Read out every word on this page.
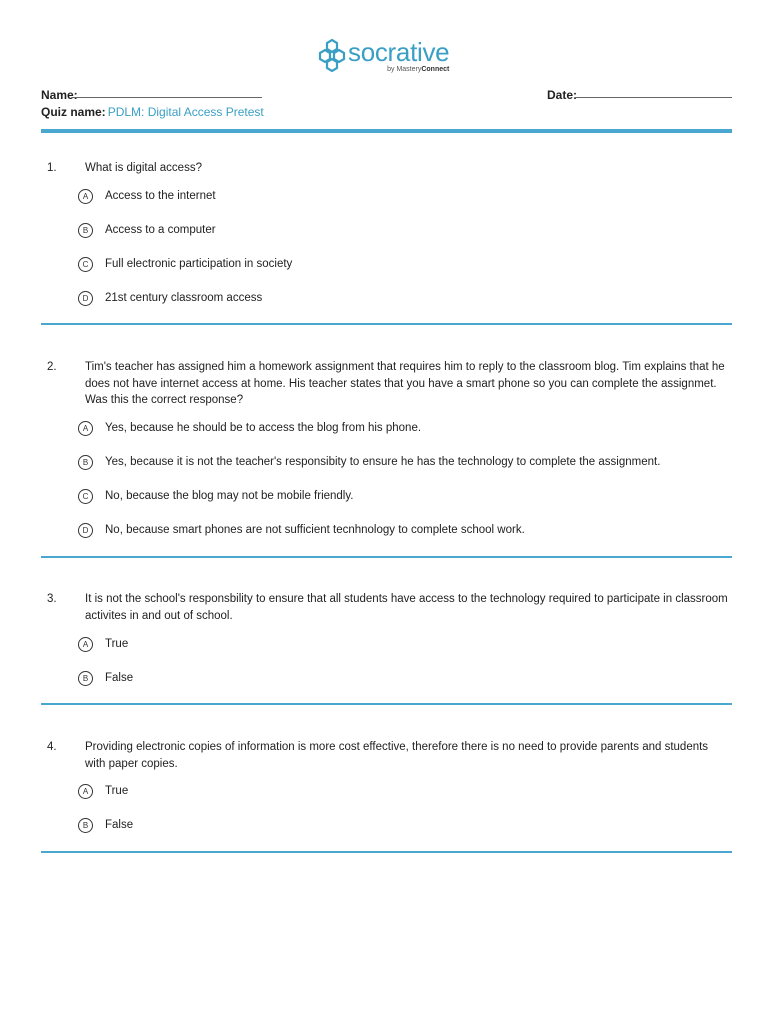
socrative
by MasteryConnect
Name:	Date:
Quiz name: PDLM: Digital Access Pretest
1. What is digital access?
A	Access to the internet
B	Access to a computer
C	Full electronic participation in society
D	21st century classroom access
2. Tim's teacher has assigned him a homework assignment that requires him to reply to the classroom blog. Tim explains that he does not have internet access at home. His teacher states that you have a smart phone so you can complete the assignmet. Was this the correct response?
A	Yes, because he should be to access the blog from his phone.
B	Yes, because it is not the teacher's responsibity to ensure he has the technology to complete the assignment.
C	No, because the blog may not be mobile friendly.
D	No, because smart phones are not sufficient tecnhnology to complete school work.
3. It is not the school's responsbility to ensure that all students have access to the technology required to participate in classroom activites in and out of school.
A	True
B	False
4. Providing electronic copies of information is more cost effective, therefore there is no need to provide parents and students with paper copies.
A	True
B	False
